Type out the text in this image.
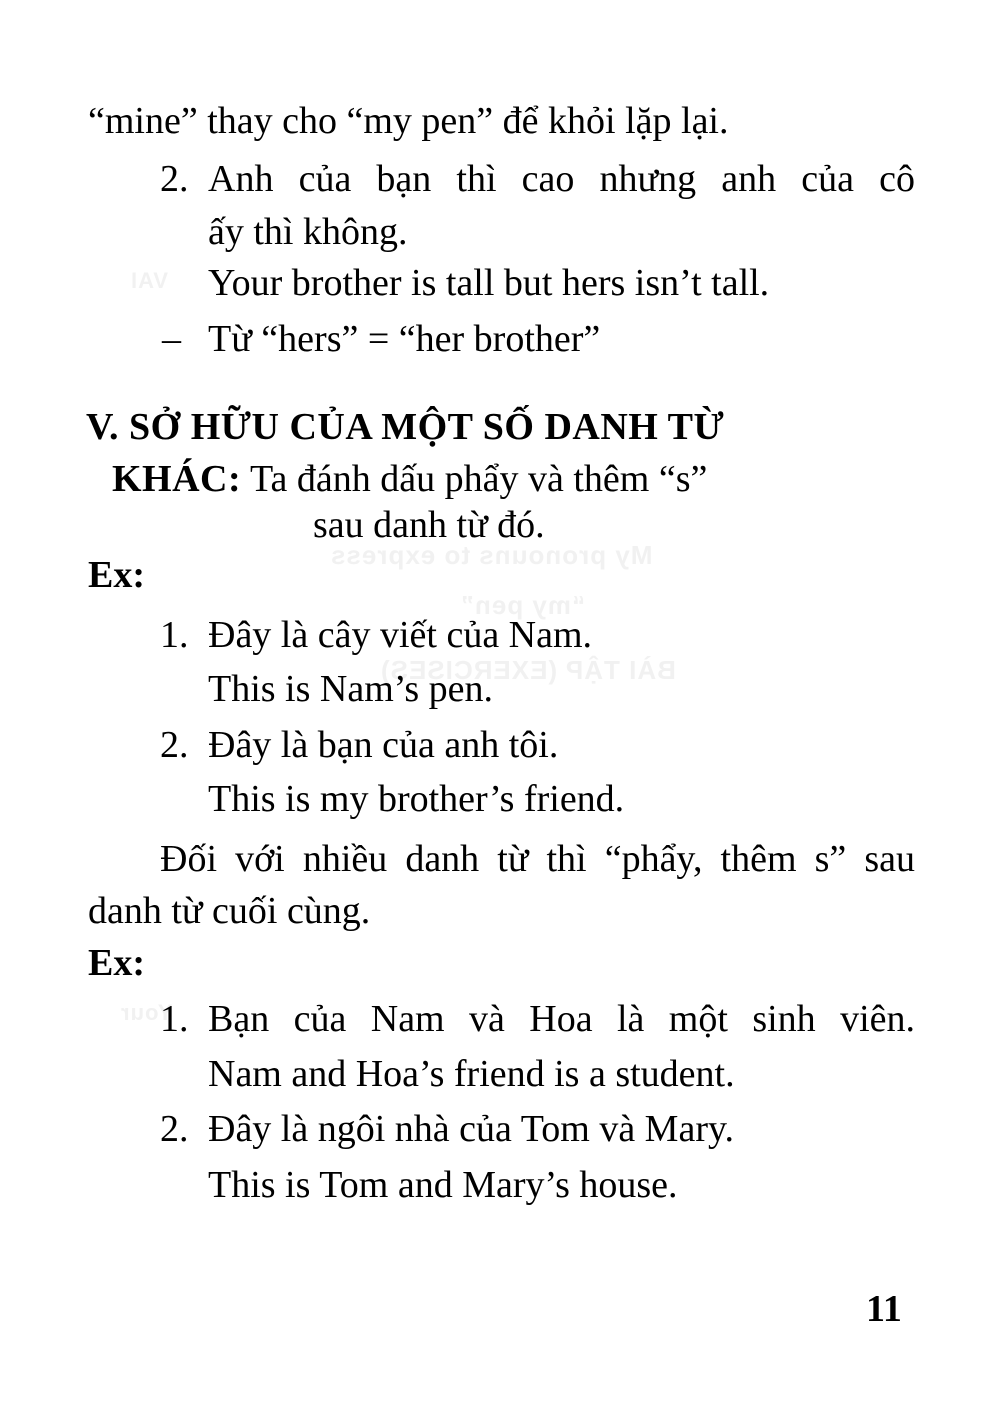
My pronouns to express
“my pen”
BÀI TẬP (EXERCISES)
VAI
Your
“mine” thay cho “my pen” để khỏi lặp lại.
2. Anh của bạn thì cao nhưng anh của cô
ấy thì không.
Your brother is tall but hers isn’t tall.
– Từ “hers” = “her brother”
V. SỞ HỮU CỦA MỘT SỐ DANH TỪ
KHÁC: Ta đánh dấu phẩy và thêm “s”
sau danh từ đó.
Ex:
1. Đây là cây viết của Nam.
This is Nam’s pen.
2. Đây là bạn của anh tôi.
This is my brother’s friend.
Đối với nhiều danh từ thì “phẩy, thêm s” sau
danh từ cuối cùng.
Ex:
1. Bạn của Nam và Hoa là một sinh viên.
Nam and Hoa’s friend is a student.
2. Đây là ngôi nhà của Tom và Mary.
This is Tom and Mary’s house.
11
